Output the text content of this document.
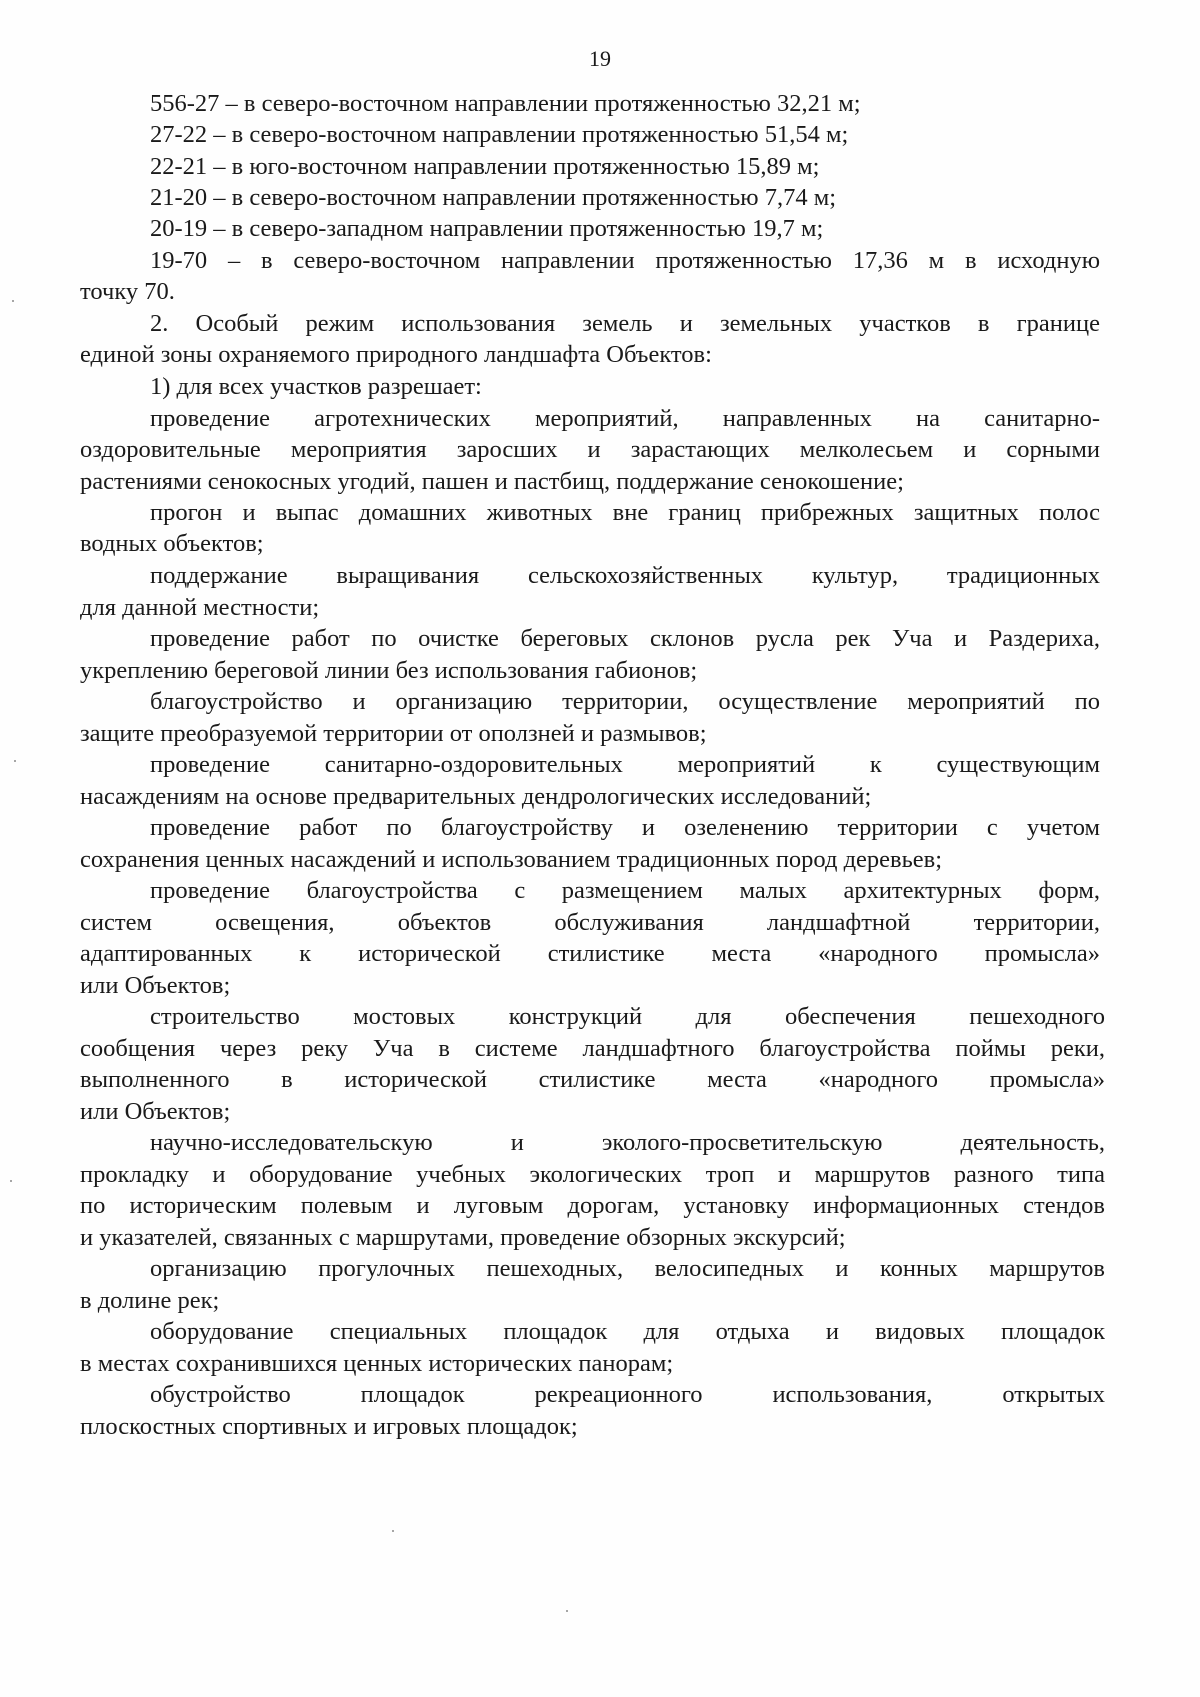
19

556-27 – в северо-восточном направлении протяженностью 32,21 м;

27-22 – в северо-восточном направлении протяженностью 51,54 м;

22-21 – в юго-восточном направлении протяженностью 15,89 м;

21-20 – в северо-восточном направлении протяженностью 7,74 м;

20-19 – в северо-западном направлении протяженностью 19,7 м;

19-70 – в северо-восточном направлении протяженностью 17,36 м в исходную

точку 70.

2. Особый режим использования земель и земельных участков в границе

единой зоны охраняемого природного ландшафта Объектов:

1) для всех участков разрешает:

проведение агротехнических мероприятий, направленных на санитарно-

оздоровительные мероприятия заросших и зарастающих мелколесьем и сорными

растениями сенокосных угодий, пашен и пастбищ, поддержание сенокошение;

прогон и выпас домашних животных вне границ прибрежных защитных полос

водных объектов;

поддержание выращивания сельскохозяйственных культур, традиционных

для данной местности;

проведение работ по очистке береговых склонов русла рек Уча и Раздериха,

укреплению береговой линии без использования габионов;

благоустройство и организацию территории, осуществление мероприятий по

защите преобразуемой территории от оползней и размывов;

проведение санитарно-оздоровительных мероприятий к существующим

насаждениям на основе предварительных дендрологических исследований;

проведение работ по благоустройству и озеленению территории с учетом

сохранения ценных насаждений и использованием традиционных пород деревьев;

проведение благоустройства с размещением малых архитектурных форм,

систем освещения, объектов обслуживания ландшафтной территории,

адаптированных к исторической стилистике места «народного промысла»

или Объектов;

строительство мостовых конструкций для обеспечения пешеходного

сообщения через реку Уча в системе ландшафтного благоустройства поймы реки,

выполненного в исторической стилистике места «народного промысла»

или Объектов;

научно-исследовательскую и эколого-просветительскую деятельность,

прокладку и оборудование учебных экологических троп и маршрутов разного типа

по историческим полевым и луговым дорогам, установку информационных стендов

и указателей, связанных с маршрутами, проведение обзорных экскурсий;

организацию прогулочных пешеходных, велосипедных и конных маршрутов

в долине рек;

оборудование специальных площадок для отдыха и видовых площадок

в местах сохранившихся ценных исторических панорам;

обустройство площадок рекреационного использования, открытых

плоскостных спортивных и игровых площадок;
